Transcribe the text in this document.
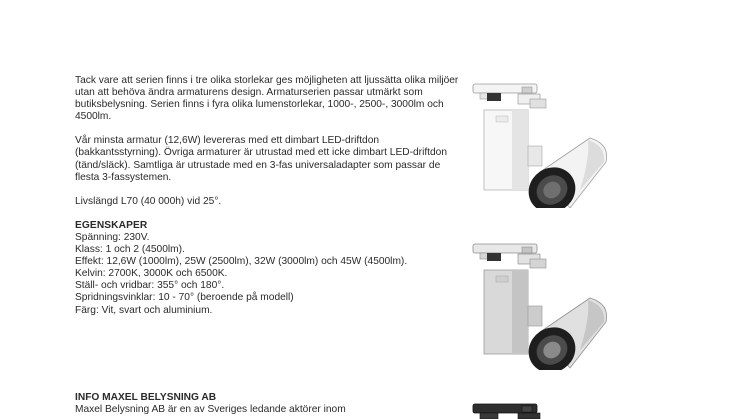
Tack vare att serien finns i tre olika storlekar ges möjligheten att ljussätta olika miljöer utan att behöva ändra armaturens design. Armaturserien passar utmärkt som butiksbelysning. Serien finns i fyra olika lumenstorlekar, 1000-, 2500-, 3000lm och 4500lm.

Vår minsta armatur (12,6W) levereras med ett dimbart LED-driftdon (bakkantsstyrning). Övriga armaturer är utrustad med ett icke dimbart LED-driftdon (tänd/släck). Samtliga är utrustade med en 3-fas universaladapter som passar de flesta 3-fassystemen.

Livslängd L70 (40 000h) vid 25°.

EGENSKAPER

Spänning: 230V.
Klass: 1 och 2 (4500lm).
Effekt: 12,6W (1000lm), 25W (2500lm), 32W (3000lm) och 45W (4500lm).
Kelvin: 2700K, 3000K och 6500K.
Ställ- och vridbar: 355° och 180°.
Spridningsvinklar: 10 - 70° (beroende på modell)
Färg: Vit, svart och aluminium.

INFO MAXEL BELYSNING AB

Maxel Belysning AB är en av Sveriges ledande aktörer inom
